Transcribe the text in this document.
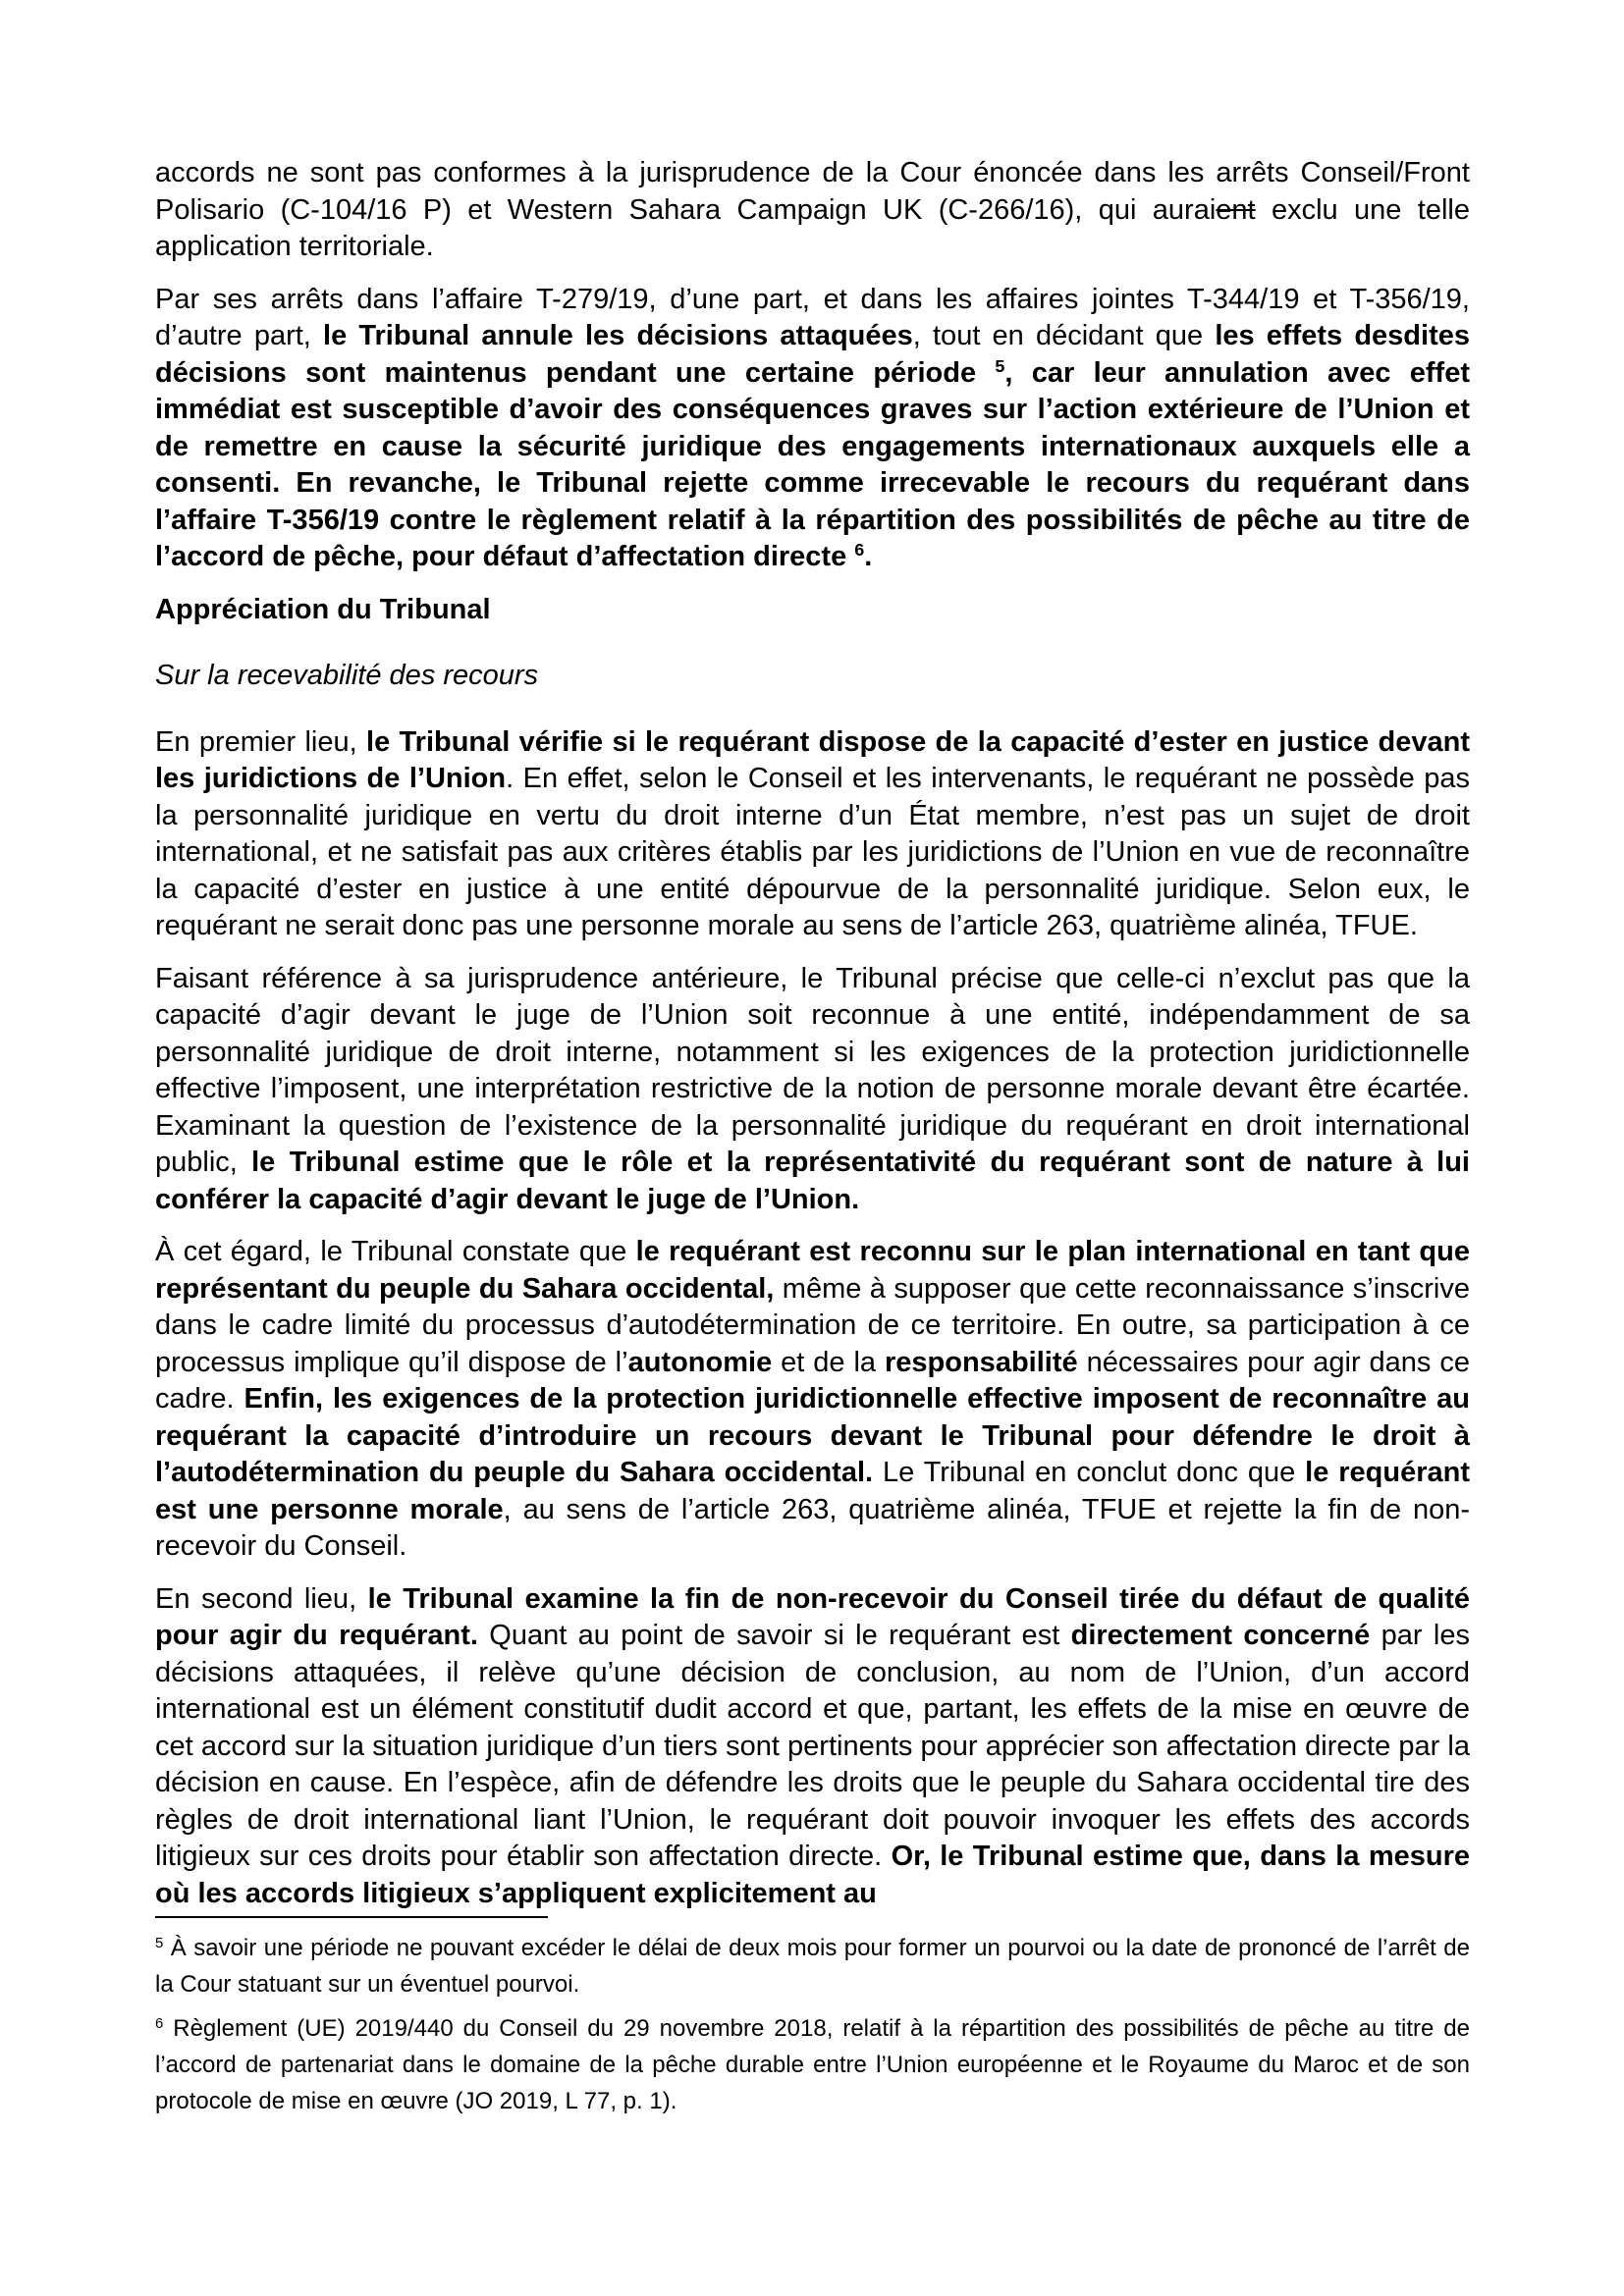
accords ne sont pas conformes à la jurisprudence de la Cour énoncée dans les arrêts Conseil/Front Polisario (C-104/16 P) et Western Sahara Campaign UK (C-266/16), qui auraient exclu une telle application territoriale.

Par ses arrêts dans l’affaire T-279/19, d’une part, et dans les affaires jointes T-344/19 et T-356/19, d’autre part, le Tribunal annule les décisions attaquées, tout en décidant que les effets desdites décisions sont maintenus pendant une certaine période $^5$, car leur annulation avec effet immédiat est susceptible d’avoir des conséquences graves sur l’action extérieure de l’Union et de remettre en cause la sécurité juridique des engagements internationaux auxquels elle a consenti. En revanche, le Tribunal rejette comme irrecevable le recours du requérant dans l’affaire T-356/19 contre le règlement relatif à la répartition des possibilités de pêche au titre de l’accord de pêche, pour défaut d’affectation directe $^6$.

Appréciation du Tribunal

Sur la recevabilité des recours

En premier lieu, le Tribunal vérifie si le requérant dispose de la capacité d’ester en justice devant les juridictions de l’Union. En effet, selon le Conseil et les intervenants, le requérant ne possède pas la personnalité juridique en vertu du droit interne d’un État membre, n’est pas un sujet de droit international, et ne satisfait pas aux critères établis par les juridictions de l’Union en vue de reconnaître la capacité d’ester en justice à une entité dépourvue de la personnalité juridique. Selon eux, le requérant ne serait donc pas une personne morale au sens de l’article 263, quatrième alinéa, TFUE.

Faisant référence à sa jurisprudence antérieure, le Tribunal précise que celle-ci n’exclut pas que la capacité d’agir devant le juge de l’Union soit reconnue à une entité, indépendamment de sa personnalité juridique de droit interne, notamment si les exigences de la protection juridictionnelle effective l’imposent, une interprétation restrictive de la notion de personne morale devant être écartée. Examinant la question de l’existence de la personnalité juridique du requérant en droit international public, le Tribunal estime que le rôle et la représentativité du requérant sont de nature à lui conférer la capacité d’agir devant le juge de l’Union.

À cet égard, le Tribunal constate que le requérant est reconnu sur le plan international en tant que représentant du peuple du Sahara occidental, même à supposer que cette reconnaissance s’inscrive dans le cadre limité du processus d’autodétermination de ce territoire. En outre, sa participation à ce processus implique qu’il dispose de l’autonomie et de la responsabilité nécessaires pour agir dans ce cadre. Enfin, les exigences de la protection juridictionnelle effective imposent de reconnaître au requérant la capacité d’introduire un recours devant le Tribunal pour défendre le droit à l’autodétermination du peuple du Sahara occidental. Le Tribunal en conclut donc que le requérant est une personne morale, au sens de l’article 263, quatrième alinéa, TFUE et rejette la fin de non-recevoir du Conseil.

En second lieu, le Tribunal examine la fin de non-recevoir du Conseil tirée du défaut de qualité pour agir du requérant. Quant au point de savoir si le requérant est directement concerné par les décisions attaquées, il relève qu’une décision de conclusion, au nom de l’Union, d’un accord international est un élément constitutif dudit accord et que, partant, les effets de la mise en œuvre de cet accord sur la situation juridique d’un tiers sont pertinents pour apprécier son affectation directe par la décision en cause. En l’espèce, afin de défendre les droits que le peuple du Sahara occidental tire des règles de droit international liant l’Union, le requérant doit pouvoir invoquer les effets des accords litigieux sur ces droits pour établir son affectation directe. Or, le Tribunal estime que, dans la mesure où les accords litigieux s’appliquent explicitement au

$^5$ À savoir une période ne pouvant excéder le délai de deux mois pour former un pourvoi ou la date de prononcé de l’arrêt de la Cour statuant sur un éventuel pourvoi.

$^6$ Règlement (UE) 2019/440 du Conseil du 29 novembre 2018, relatif à la répartition des possibilités de pêche au titre de l’accord de partenariat dans le domaine de la pêche durable entre l’Union européenne et le Royaume du Maroc et de son protocole de mise en œuvre (JO 2019, L 77, p. 1).
